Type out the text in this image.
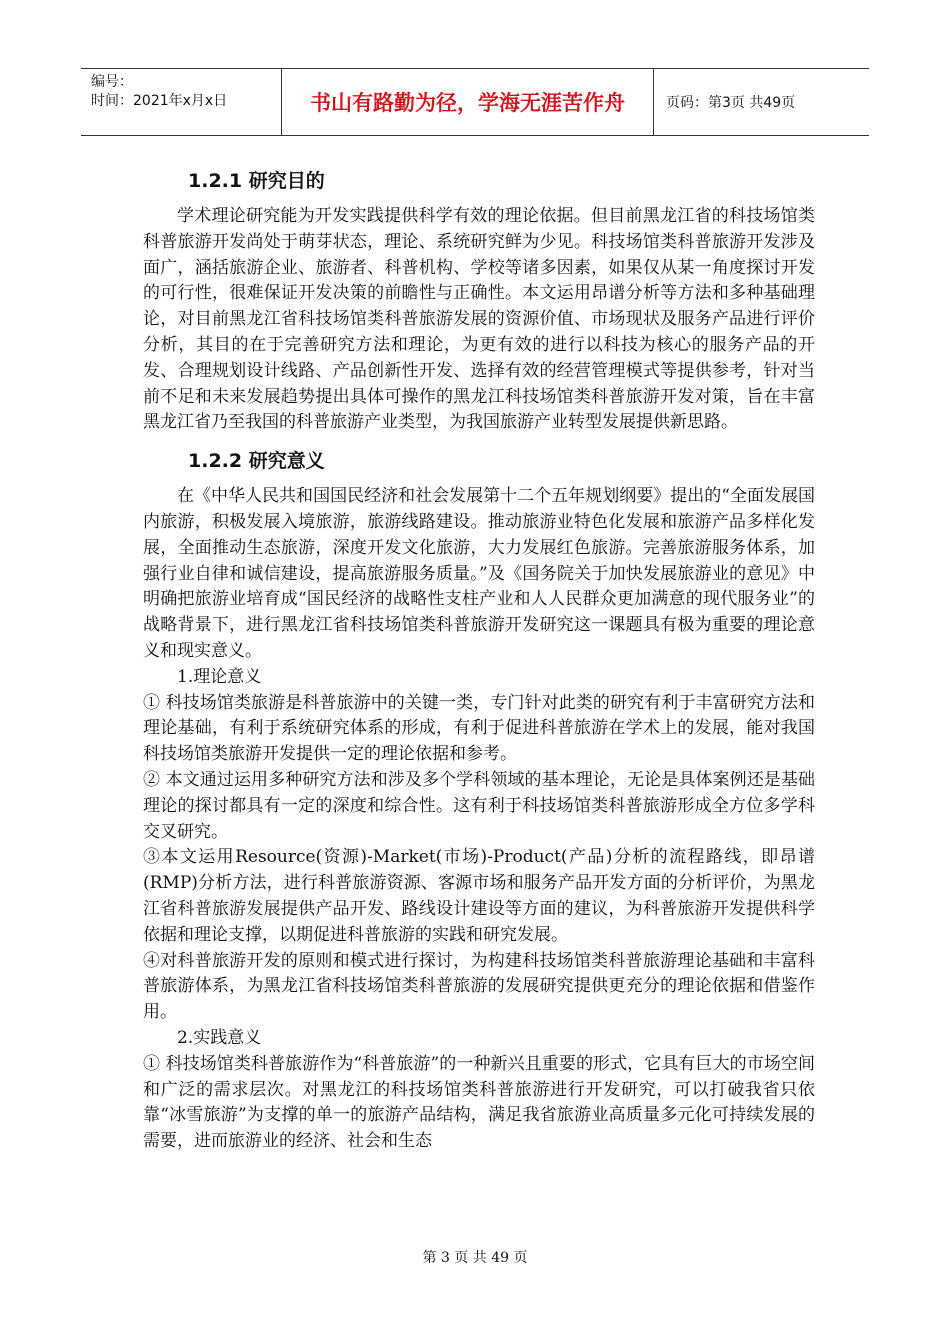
编号：
时间：2021年x月x日	书山有路勤为径，学海无涯苦作舟	页码：第3页 共49页
1.2.1 研究目的

学术理论研究能为开发实践提供科学有效的理论依据。但目前黑龙江省的科技场馆类科普旅游开发尚处于萌芽状态，理论、系统研究鲜为少见。科技场馆类科普旅游开发涉及面广，涵括旅游企业、旅游者、科普机构、学校等诸多因素，如果仅从某一角度探讨开发的可行性，很难保证开发决策的前瞻性与正确性。本文运用昂谱分析等方法和多种基础理论，对目前黑龙江省科技场馆类科普旅游发展的资源价值、市场现状及服务产品进行评价分析，其目的在于完善研究方法和理论，为更有效的进行以科技为核心的服务产品的开发、合理规划设计线路、产品创新性开发、选择有效的经营管理模式等提供参考，针对当前不足和未来发展趋势提出具体可操作的黑龙江科技场馆类科普旅游开发对策，旨在丰富黑龙江省乃至我国的科普旅游产业类型，为我国旅游产业转型发展提供新思路。

1.2.2 研究意义

在《中华人民共和国国民经济和社会发展第十二个五年规划纲要》提出的“全面发展国内旅游，积极发展入境旅游，旅游线路建设。推动旅游业特色化发展和旅游产品多样化发展，全面推动生态旅游，深度开发文化旅游，大力发展红色旅游。完善旅游服务体系，加强行业自律和诚信建设，提高旅游服务质量。”及《国务院关于加快发展旅游业的意见》中明确把旅游业培育成“国民经济的战略性支柱产业和人人民群众更加满意的现代服务业”的战略背景下，进行黑龙江省科技场馆类科普旅游开发研究这一课题具有极为重要的理论意义和现实意义。

1.理论意义

① 科技场馆类旅游是科普旅游中的关键一类，专门针对此类的研究有利于丰富研究方法和理论基础，有利于系统研究体系的形成，有利于促进科普旅游在学术上的发展，能对我国科技场馆类旅游开发提供一定的理论依据和参考。

② 本文通过运用多种研究方法和涉及多个学科领域的基本理论，无论是具体案例还是基础理论的探讨都具有一定的深度和综合性。这有利于科技场馆类科普旅游形成全方位多学科交叉研究。

③本文运用Resource(资源)-Market(市场)-Product(产品)分析的流程路线，即昂谱(RMP)分析方法，进行科普旅游资源、客源市场和服务产品开发方面的分析评价，为黑龙江省科普旅游发展提供产品开发、路线设计建设等方面的建议，为科普旅游开发提供科学依据和理论支撑，以期促进科普旅游的实践和研究发展。

④对科普旅游开发的原则和模式进行探讨，为构建科技场馆类科普旅游理论基础和丰富科普旅游体系，为黑龙江省科技场馆类科普旅游的发展研究提供更充分的理论依据和借鉴作用。

2.实践意义

① 科技场馆类科普旅游作为“科普旅游”的一种新兴且重要的形式，它具有巨大的市场空间和广泛的需求层次。对黑龙江的科技场馆类科普旅游进行开发研究，可以打破我省只依靠“冰雪旅游”为支撑的单一的旅游产品结构，满足我省旅游业高质量多元化可持续发展的需要，进而旅游业的经济、社会和生态

第 3 页 共 49 页
